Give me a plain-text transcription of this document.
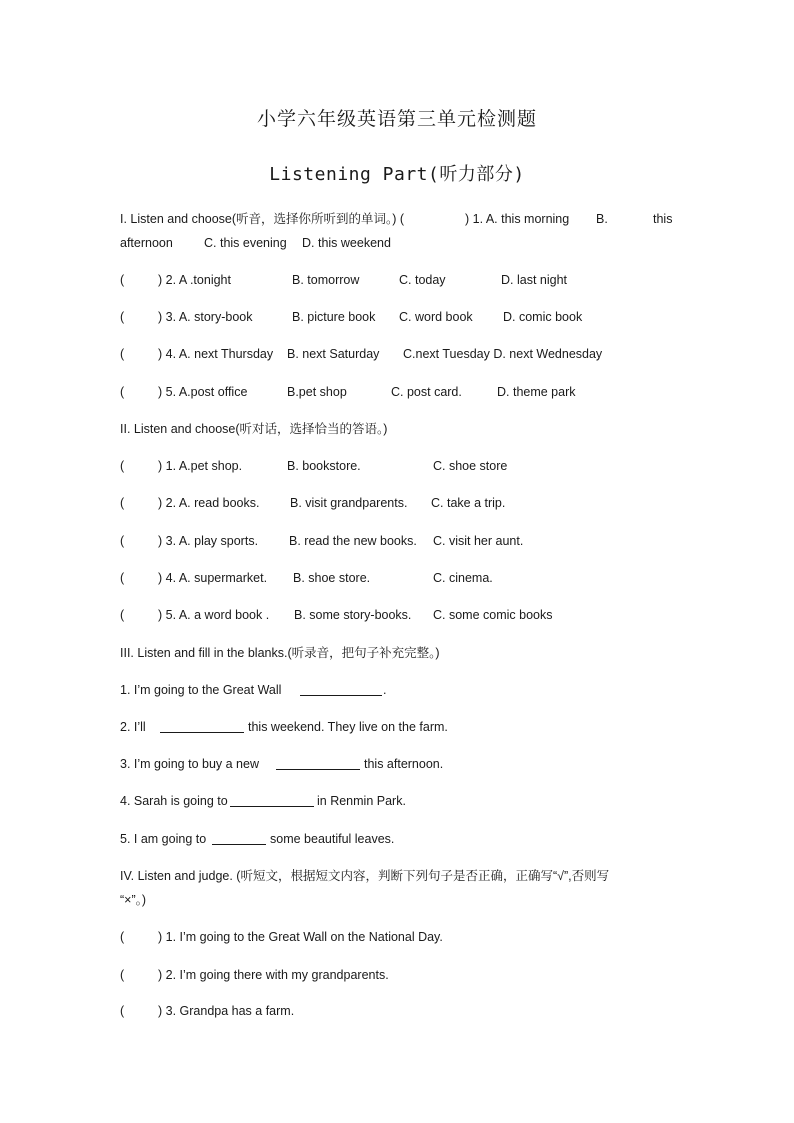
小学六年级英语第三单元检测题
Listening Part(听力部分)
I. Listen and choose(听音，选择你所听到的单词。) (	) 1. A. this morning B.	this
afternoon C. this evening D. this weekend
(	) 2. A .tonight	B. tomorrow	C. today	D. last night
(	) 3. A. story-book	B. picture book C. word book D. comic book
(	) 4. A. next Thursday B. next Saturday C.next Tuesday D. next Wednesday
(	) 5. A.post office	B.pet shop	C. post card.	D. theme park
II. Listen and choose(听对话，选择恰当的答语。)
(	) 1. A.pet shop.	B. bookstore.	C. shoe store
(	) 2. A. read books. B. visit grandparents. C. take a trip.
(	) 3. A. play sports. B. read the new books. C. visit her aunt.
(	) 4. A. supermarket. B. shoe store.	C. cinema.
(	) 5. A. a word book . B. some story-books. C. some comic books
III. Listen and fill in the blanks.(听录音，把句子补充完整。)
1. I’m going to the Great Wall	.
2. I’ll	this weekend. They live on the farm.
3. I’m going to buy a new	this afternoon.
4. Sarah is going to	in Renmin Park.
5. I am going to	some beautiful leaves.
IV. Listen and judge. (听短文，根据短文内容，判断下列句子是否正确，正确写“√”,否则写
“×”。)
(	) 1. I’m going to the Great Wall on the National Day.
(	) 2. I’m going there with my grandparents.
(	) 3. Grandpa has a farm.
